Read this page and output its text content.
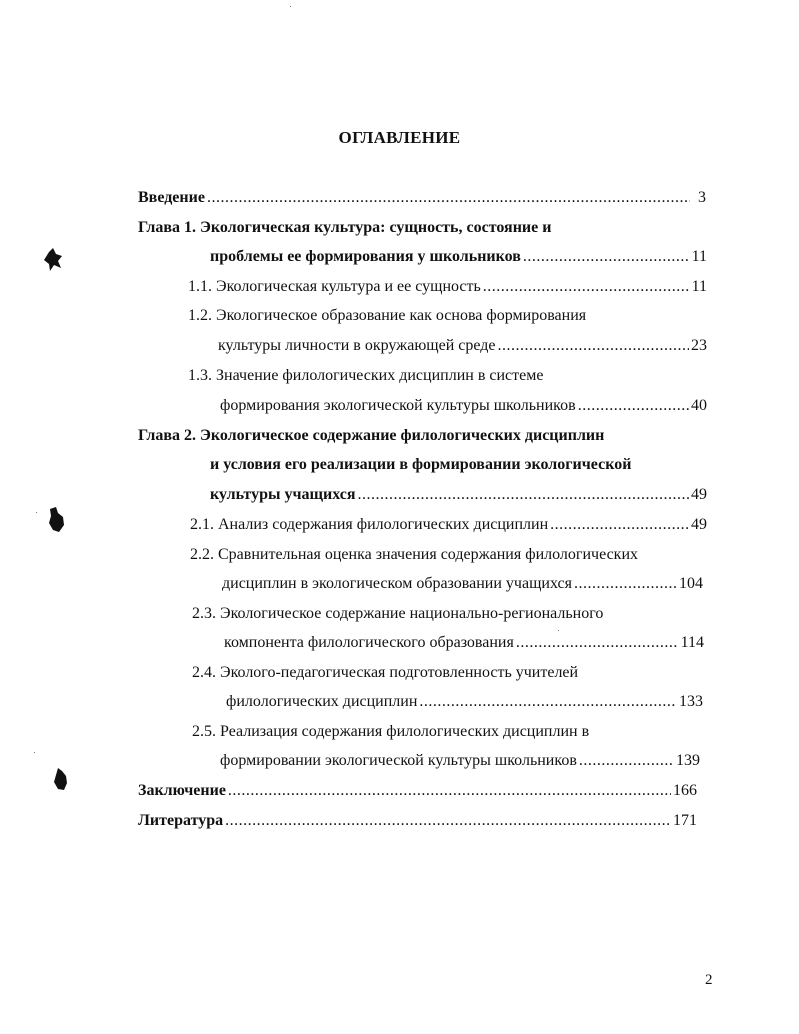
ОГЛАВЛЕНИЕ
Введение .....	3
Глава 1. Экологическая культура: сущность, состояние и
проблемы ее формирования у школьников .....	11
1.1. Экологическая культура и ее сущность .....	11
1.2. Экологическое образование как основа формирования
культуры личности в окружающей среде .....	23
1.3. Значение филологических дисциплин в системе
формирования экологической культуры школьников .....	40
Глава 2. Экологическое содержание филологических дисциплин
и условия его реализации в формировании экологической
культуры учащихся .....	49
2.1. Анализ содержания филологических дисциплин .....	49
2.2. Сравнительная оценка значения содержания филологических
дисциплин в экологическом образовании учащихся .....	104
2.3. Экологическое содержание национально-регионального
компонента филологического образования .....	114
2.4. Эколого-педагогическая подготовленность учителей
филологических дисциплин .....	133
2.5. Реализация содержания филологических дисциплин в
формировании экологической культуры школьников .....	139
Заключение .....	166
Литература .....	171
2
